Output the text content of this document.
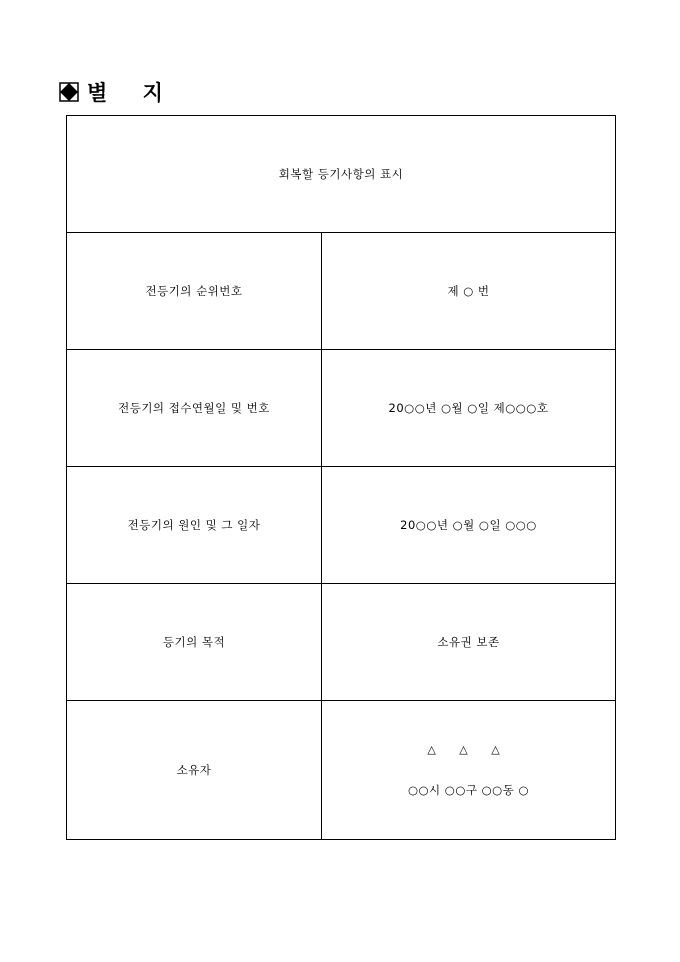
별 지
회복할 등기사항의 표시	
전등기의 순위번호	제 ○ 번
전등기의 접수연월일 및 번호	20○○년 ○월 ○일 제○○○호
전등기의 원인 및 그 일자	20○○년 ○월 ○일 ○○○
등기의 목적	소유권 보존
소유자	△ △ △
○○시 ○○구 ○○동 ○
